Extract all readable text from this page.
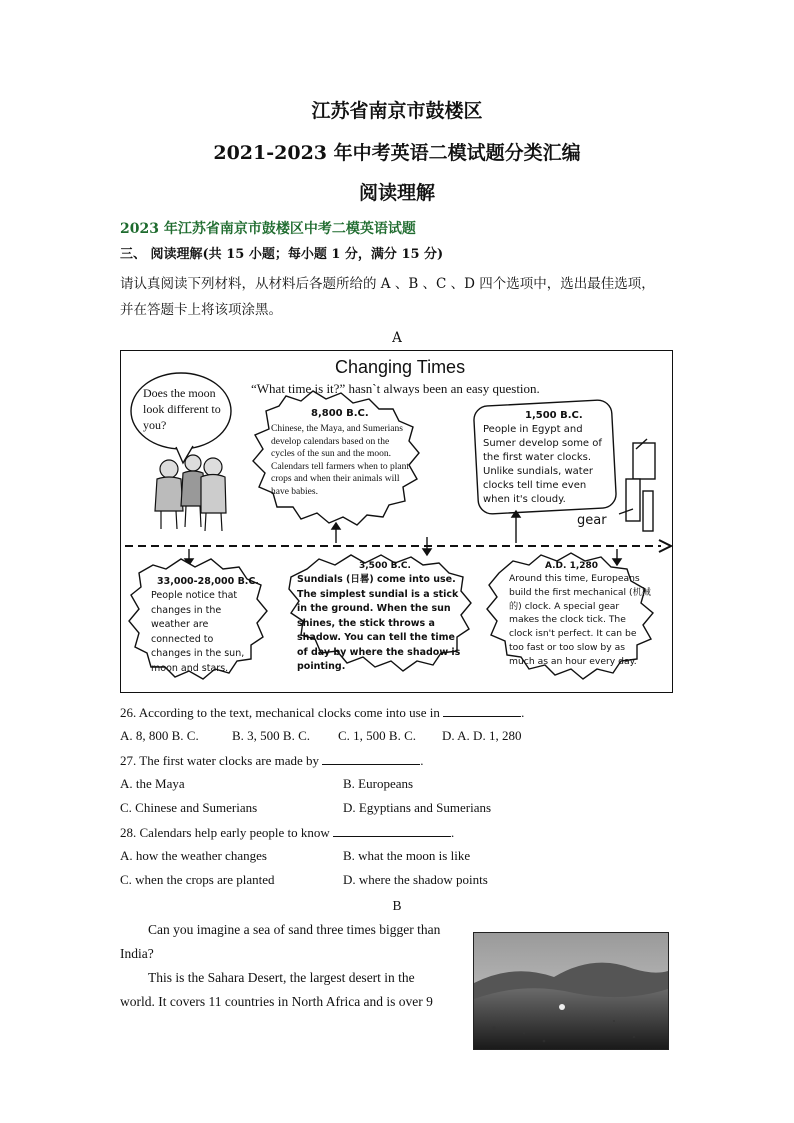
江苏省南京市鼓楼区
2021-2023 年中考英语二模试题分类汇编
阅读理解
2023 年江苏省南京市鼓楼区中考二模英语试题
三、 阅读理解(共 15 小题；每小题 1 分，满分 15 分)
请认真阅读下列材料，从材料后各题所给的 A 、B 、C 、D 四个选项中，选出最佳选项，
并在答题卡上将该项涂黑。
A
Changing Times
“What time is it?” hasn`t always been an easy question.
Does the moon look different to you?
8,800 B.C.
Chinese, the Maya, and Sumerians develop calendars based on the cycles of the sun and the moon. Calendars tell farmers when to plant crops and when their animals will have babies.
1,500 B.C.
People in Egypt and Sumer develop some of the first water clocks. Unlike sundials, water clocks tell time even when it's cloudy.
gear
33,000-28,000 B.C.
People notice that changes in the weather are connected to changes in the sun, moon and stars.
3,500 B.C.
Sundials (日晷) come into use. The simplest sundial is a stick in the ground. When the sun shines, the stick throws a shadow. You can tell the time of day by where the shadow is pointing.
A.D. 1,280
Around this time, Europeans build the first mechanical (机械的) clock. A special gear makes the clock tick. The clock isn't perfect. It can be too fast or too slow by as much as an hour every day.
26. According to the text, mechanical clocks come into use in	.
A. 8, 800 B. C.	B. 3, 500 B. C. C. 1, 500 B. C. D. A. D. 1, 280
27. The first water clocks are made by	.
A. the Maya	B. Europeans
C. Chinese and Sumerians	D. Egyptians and Sumerians
28. Calendars help early people to know	.
A. how the weather changes	B. what the moon is like
C. when the crops are planted	D. where the shadow points
B
Can you imagine a sea of sand three times bigger than
India?
This is the Sahara Desert, the largest desert in the
world. It covers 11 countries in North Africa and is over 9
